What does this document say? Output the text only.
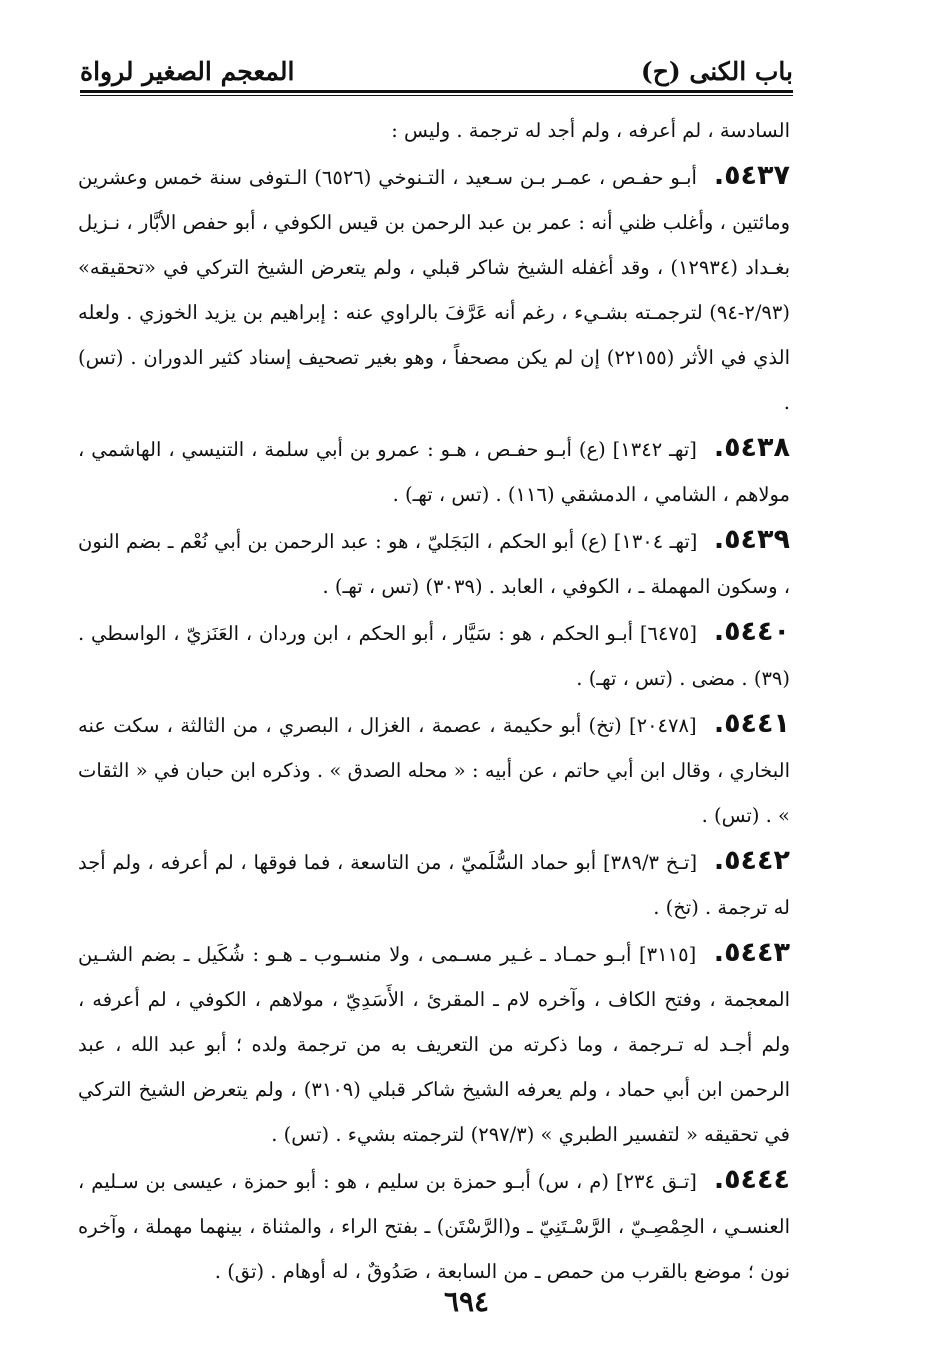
باب الكنى (ح)
المعجم الصغير لرواة

السادسة ، لم أعرفه ، ولم أجد له ترجمة . وليس :

٥٤٣٧. أبـو حفـص ، عمـر بـن سـعيد ، التـنوخي (٦٥٢٦) الـتوفى سنة خمس وعشرين ومائتين ، وأغلب ظني أنه : عمر بن عبد الرحمن بن قيس الكوفي ، أبو حفص الأبَّار ، نـزيل بغـداد (١٢٩٣٤) ، وقد أغفله الشيخ شاكر قبلي ، ولم يتعرض الشيخ التركي في «تحقيقه» (٢/٩٣-٩٤) لترجمـته بشـيء ، رغم أنه عَرَّفَ بالراوي عنه : إبراهيم بن يزيد الخوزي . ولعله الذي في الأثر (٢٢١٥٥) إن لم يكن مصحفاً ، وهو بغير تصحيف إسناد كثير الدوران . (تس) .

٥٤٣٨. [تهـ ١٣٤٢] (ع) أبـو حفـص ، هـو : عمرو بن أبي سلمة ، التنيسي ، الهاشمي ، مولاهم ، الشامي ، الدمشقي (١١٦) . (تس ، تهـ) .

٥٤٣٩. [تهـ ١٣٠٤] (ع) أبو الحكم ، البَجَليّ ، هو : عبد الرحمن بن أبي نُعْم ـ بضم النون ، وسكون المهملة ـ ، الكوفي ، العابد . (٣٠٣٩) (تس ، تهـ) .

٥٤٤٠. [٦٤٧٥] أبـو الحكم ، هو : سَيَّار ، أبو الحكم ، ابن وردان ، العَنَزيّ ، الواسطي . (٣٩) . مضى . (تس ، تهـ) .

٥٤٤١. [٢٠٤٧٨] (تخ) أبو حكيمة ، عصمة ، الغزال ، البصري ، من الثالثة ، سكت عنه البخاري ، وقال ابن أبي حاتم ، عن أبيه : « محله الصدق » . وذكره ابن حبان في « الثقات » . (تس) .

٥٤٤٢. [تـخ ٣٨٩/٣] أبو حماد السُّلَميّ ، من التاسعة ، فما فوقها ، لم أعرفه ، ولم أجد له ترجمة . (تخ) .

٥٤٤٣. [٣١١٥] أبـو حمـاد ـ غـير مسـمى ، ولا منسـوب ـ هـو : شُكَيل ـ بضم الشـين المعجمة ، وفتح الكاف ، وآخره لام ـ المقرئ ، الأَسَدِيّ ، مولاهم ، الكوفي ، لم أعرفه ، ولم أجـد له تـرجمة ، وما ذكرته من التعريف به من ترجمة ولده ؛ أبو عبد الله ، عبد الرحمن ابن أبي حماد ، ولم يعرفه الشيخ شاكر قبلي (٣١٠٩) ، ولم يتعرض الشيخ التركي في تحقيقه « لتفسير الطبري » (٢٩٧/٣) لترجمته بشيء . (تس) .

٥٤٤٤. [تـق ٢٣٤] (م ، س) أبـو حمزة بن سليم ، هو : أبو حمزة ، عيسى بن سـليم ، العنسـي ، الحِمْصِـيّ ، الرَّسْـتَنِيّ ـ و(الرَّسْتَن) ـ بفتح الراء ، والمثناة ، بينهما مهملة ، وآخره نون ؛ موضع بالقرب من حمص ـ من السابعة ، صَدُوقٌ ، له أوهام . (تق) .

٦٩٤
